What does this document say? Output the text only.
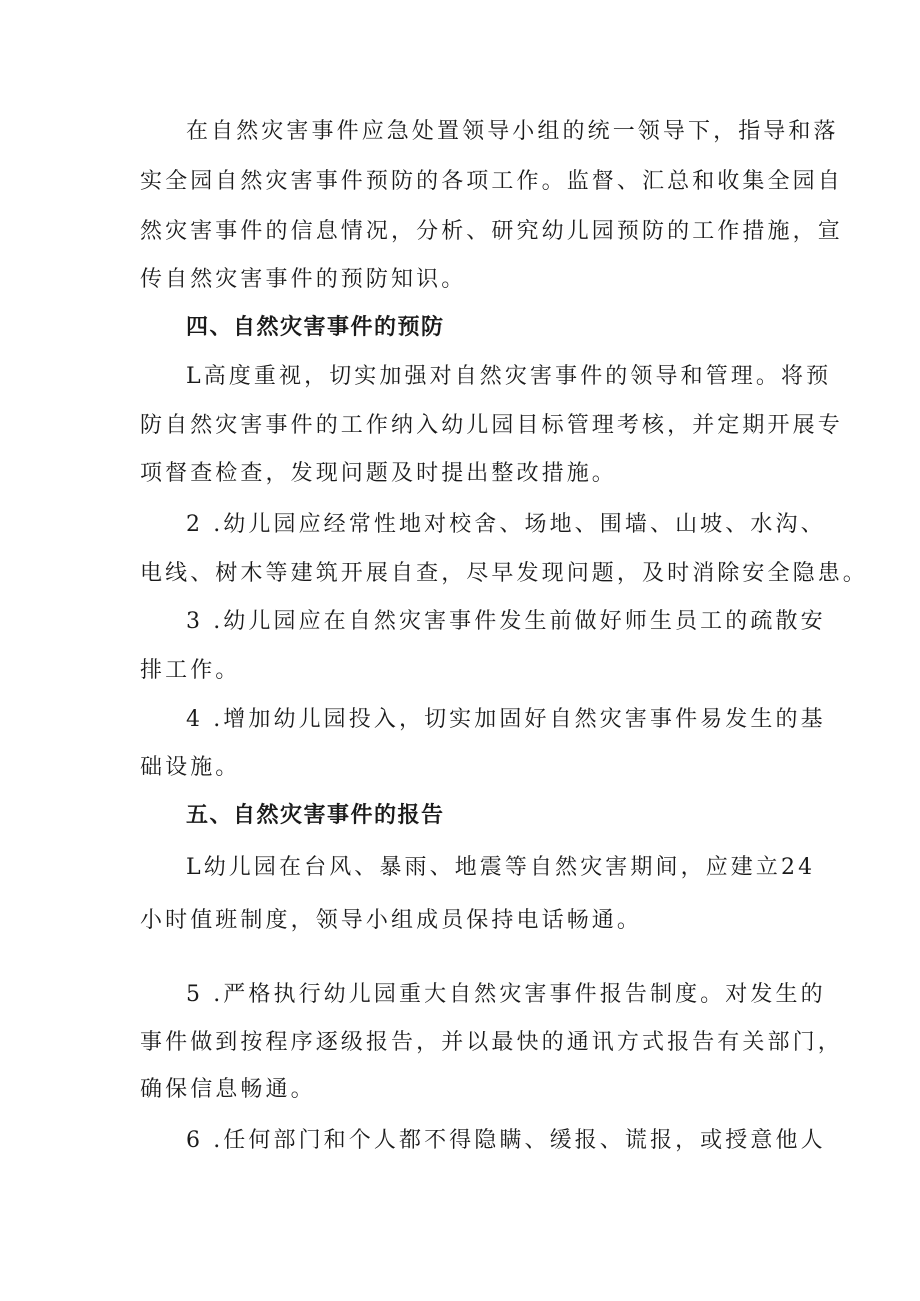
在自然灾害事件应急处置领导小组的统一领导下，指导和落
实全园自然灾害事件预防的各项工作。监督、汇总和收集全园自
然灾害事件的信息情况，分析、研究幼儿园预防的工作措施，宣
传自然灾害事件的预防知识。
四、自然灾害事件的预防
L高度重视，切实加强对自然灾害事件的领导和管理。将预
防自然灾害事件的工作纳入幼儿园目标管理考核，并定期开展专
项督查检查，发现问题及时提出整改措施。
2 .幼儿园应经常性地对校舍、场地、围墙、山坡、水沟、
电线、树木等建筑开展自查，尽早发现问题，及时消除安全隐患。
3 .幼儿园应在自然灾害事件发生前做好师生员工的疏散安
排工作。
4 .增加幼儿园投入，切实加固好自然灾害事件易发生的基
础设施。
五、自然灾害事件的报告
L幼儿园在台风、暴雨、地震等自然灾害期间，应建立24
小时值班制度，领导小组成员保持电话畅通。
5 .严格执行幼儿园重大自然灾害事件报告制度。对发生的
事件做到按程序逐级报告，并以最快的通讯方式报告有关部门，
确保信息畅通。
6 .任何部门和个人都不得隐瞒、缓报、谎报，或授意他人
